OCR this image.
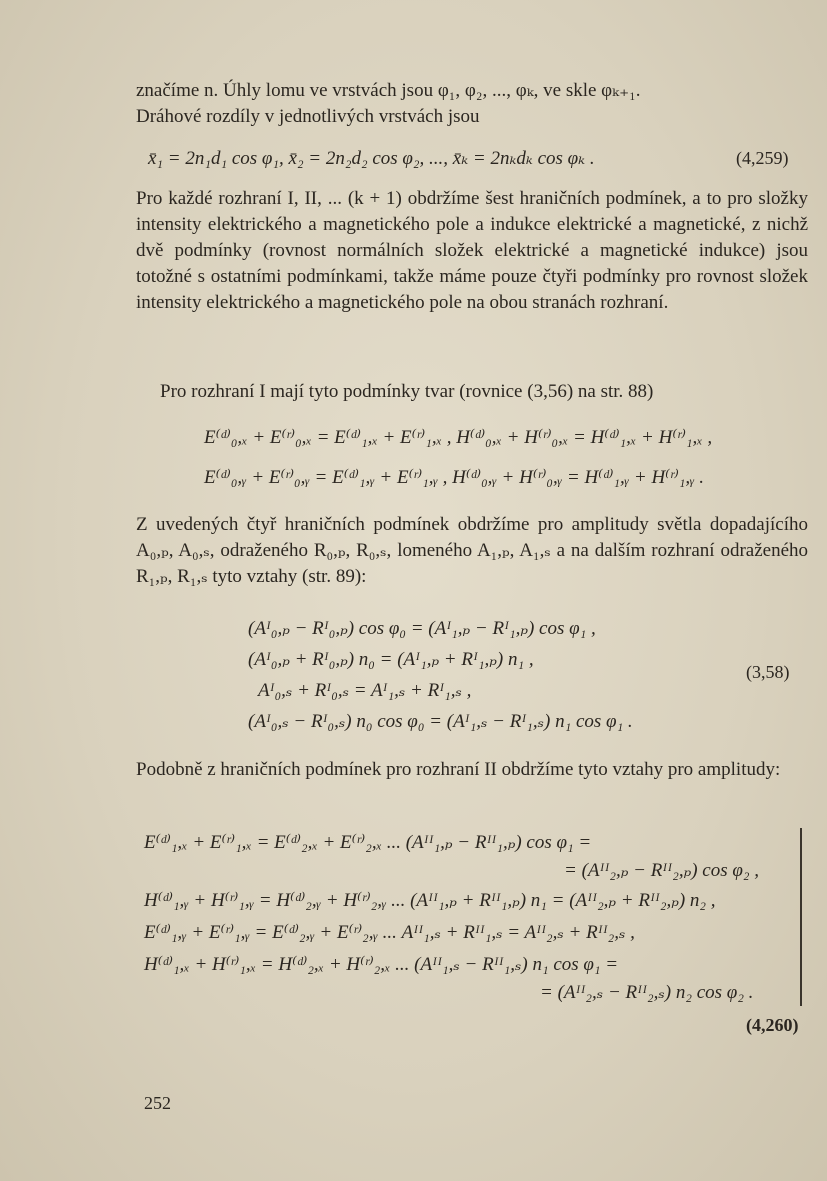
značíme n. Úhly lomu ve vrstvách jsou φ₁, φ₂, ..., φₖ, ve skle φₖ₊₁.
Dráhové rozdíly v jednotlivých vrstvách jsou
x̄₁ = 2n₁d₁ cos φ₁, x̄₂ = 2n₂d₂ cos φ₂, ..., x̄ₖ = 2nₖdₖ cos φₖ .	(4,259)

Pro každé rozhraní I, II, ... (k + 1) obdržíme šest hraničních podmínek, a to pro složky intensity elektrického a magnetického pole a indukce elektrické a magnetické, z nichž dvě podmínky (rovnost normálních složek elektrické a magnetické indukce) jsou totožné s ostatními podmínkami, takže máme pouze čtyři podmínky pro rovnost složek intensity elektrického a magnetického pole na obou stranách rozhraní.

Pro rozhraní I mají tyto podmínky tvar (rovnice (3,56) na str. 88)
E⁽ᵈ⁾₀,ₓ + E⁽ʳ⁾₀,ₓ = E⁽ᵈ⁾₁,ₓ + E⁽ʳ⁾₁,ₓ , H⁽ᵈ⁾₀,ₓ + H⁽ʳ⁾₀,ₓ = H⁽ᵈ⁾₁,ₓ + H⁽ʳ⁾₁,ₓ ,
E⁽ᵈ⁾₀,ᵧ + E⁽ʳ⁾₀,ᵧ = E⁽ᵈ⁾₁,ᵧ + E⁽ʳ⁾₁,ᵧ , H⁽ᵈ⁾₀,ᵧ + H⁽ʳ⁾₀,ᵧ = H⁽ᵈ⁾₁,ᵧ + H⁽ʳ⁾₁,ᵧ .

Z uvedených čtyř hraničních podmínek obdržíme pro amplitudy světla dopadajícího A₀,ₚ, A₀,ₛ, odraženého R₀,ₚ, R₀,ₛ, lomeného A₁,ₚ, A₁,ₛ a na dalším rozhraní odraženého R₁,ₚ, R₁,ₛ tyto vztahy (str. 89):

(Aᴵ₀,ₚ − Rᴵ₀,ₚ) cos φ₀ = (Aᴵ₁,ₚ − Rᴵ₁,ₚ) cos φ₁ ,
(Aᴵ₀,ₚ + Rᴵ₀,ₚ) n₀ = (Aᴵ₁,ₚ + Rᴵ₁,ₚ) n₁ ,
Aᴵ₀,ₛ + Rᴵ₀,ₛ = Aᴵ₁,ₛ + Rᴵ₁,ₛ ,
(Aᴵ₀,ₛ − Rᴵ₀,ₛ) n₀ cos φ₀ = (Aᴵ₁,ₛ − Rᴵ₁,ₛ) n₁ cos φ₁ .
(3,58)

Podobně z hraničních podmínek pro rozhraní II obdržíme tyto vztahy pro amplitudy:

E⁽ᵈ⁾₁,ₓ + E⁽ʳ⁾₁,ₓ = E⁽ᵈ⁾₂,ₓ + E⁽ʳ⁾₂,ₓ ... (Aᴵᴵ₁,ₚ − Rᴵᴵ₁,ₚ) cos φ₁ =
= (Aᴵᴵ₂,ₚ − Rᴵᴵ₂,ₚ) cos φ₂ ,
H⁽ᵈ⁾₁,ᵧ + H⁽ʳ⁾₁,ᵧ = H⁽ᵈ⁾₂,ᵧ + H⁽ʳ⁾₂,ᵧ ... (Aᴵᴵ₁,ₚ + Rᴵᴵ₁,ₚ) n₁ = (Aᴵᴵ₂,ₚ + Rᴵᴵ₂,ₚ) n₂ ,
E⁽ᵈ⁾₁,ᵧ + E⁽ʳ⁾₁,ᵧ = E⁽ᵈ⁾₂,ᵧ + E⁽ʳ⁾₂,ᵧ ... Aᴵᴵ₁,ₛ + Rᴵᴵ₁,ₛ = Aᴵᴵ₂,ₛ + Rᴵᴵ₂,ₛ ,
H⁽ᵈ⁾₁,ₓ + H⁽ʳ⁾₁,ₓ = H⁽ᵈ⁾₂,ₓ + H⁽ʳ⁾₂,ₓ ... (Aᴵᴵ₁,ₛ − Rᴵᴵ₁,ₛ) n₁ cos φ₁ =
= (Aᴵᴵ₂,ₛ − Rᴵᴵ₂,ₛ) n₂ cos φ₂ .
(4,260)
252
